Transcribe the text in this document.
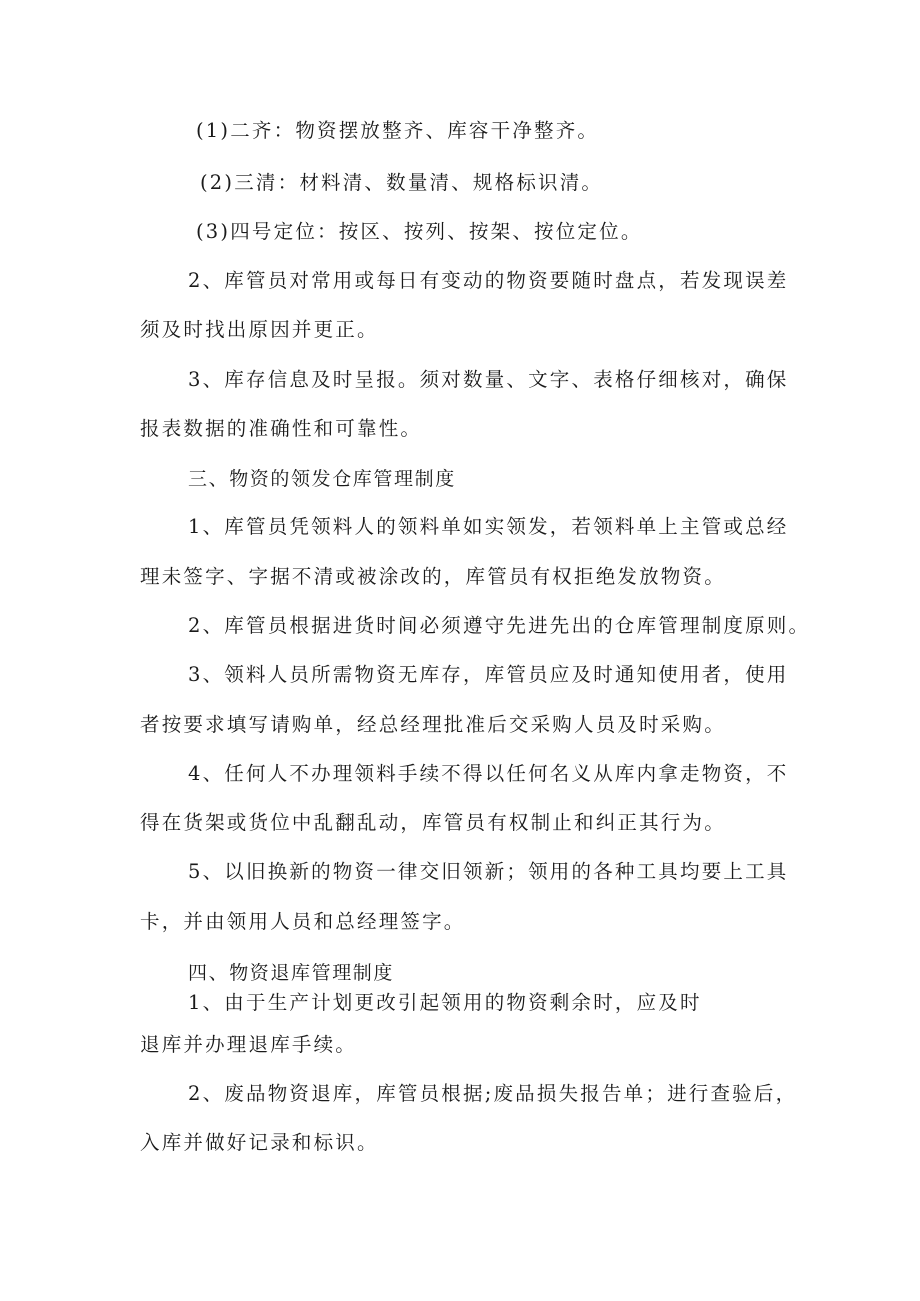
(1)二齐：物资摆放整齐、库容干净整齐。
(2)三清：材料清、数量清、规格标识清。
(3)四号定位：按区、按列、按架、按位定位。
2、库管员对常用或每日有变动的物资要随时盘点，若发现误差
须及时找出原因并更正。
3、库存信息及时呈报。须对数量、文字、表格仔细核对，确保
报表数据的准确性和可靠性。
三、物资的领发仓库管理制度
1、库管员凭领料人的领料单如实领发，若领料单上主管或总经
理未签字、字据不清或被涂改的，库管员有权拒绝发放物资。
2、库管员根据进货时间必须遵守先进先出的仓库管理制度原则。
3、领料人员所需物资无库存，库管员应及时通知使用者，使用
者按要求填写请购单，经总经理批准后交采购人员及时采购。
4、任何人不办理领料手续不得以任何名义从库内拿走物资，不
得在货架或货位中乱翻乱动，库管员有权制止和纠正其行为。
5、以旧换新的物资一律交旧领新；领用的各种工具均要上工具
卡，并由领用人员和总经理签字。
四、物资退库管理制度
1、由于生产计划更改引起领用的物资剩余时，应及时
退库并办理退库手续。
2、废品物资退库，库管员根据;废品损失报告单；进行查验后，
入库并做好记录和标识。
